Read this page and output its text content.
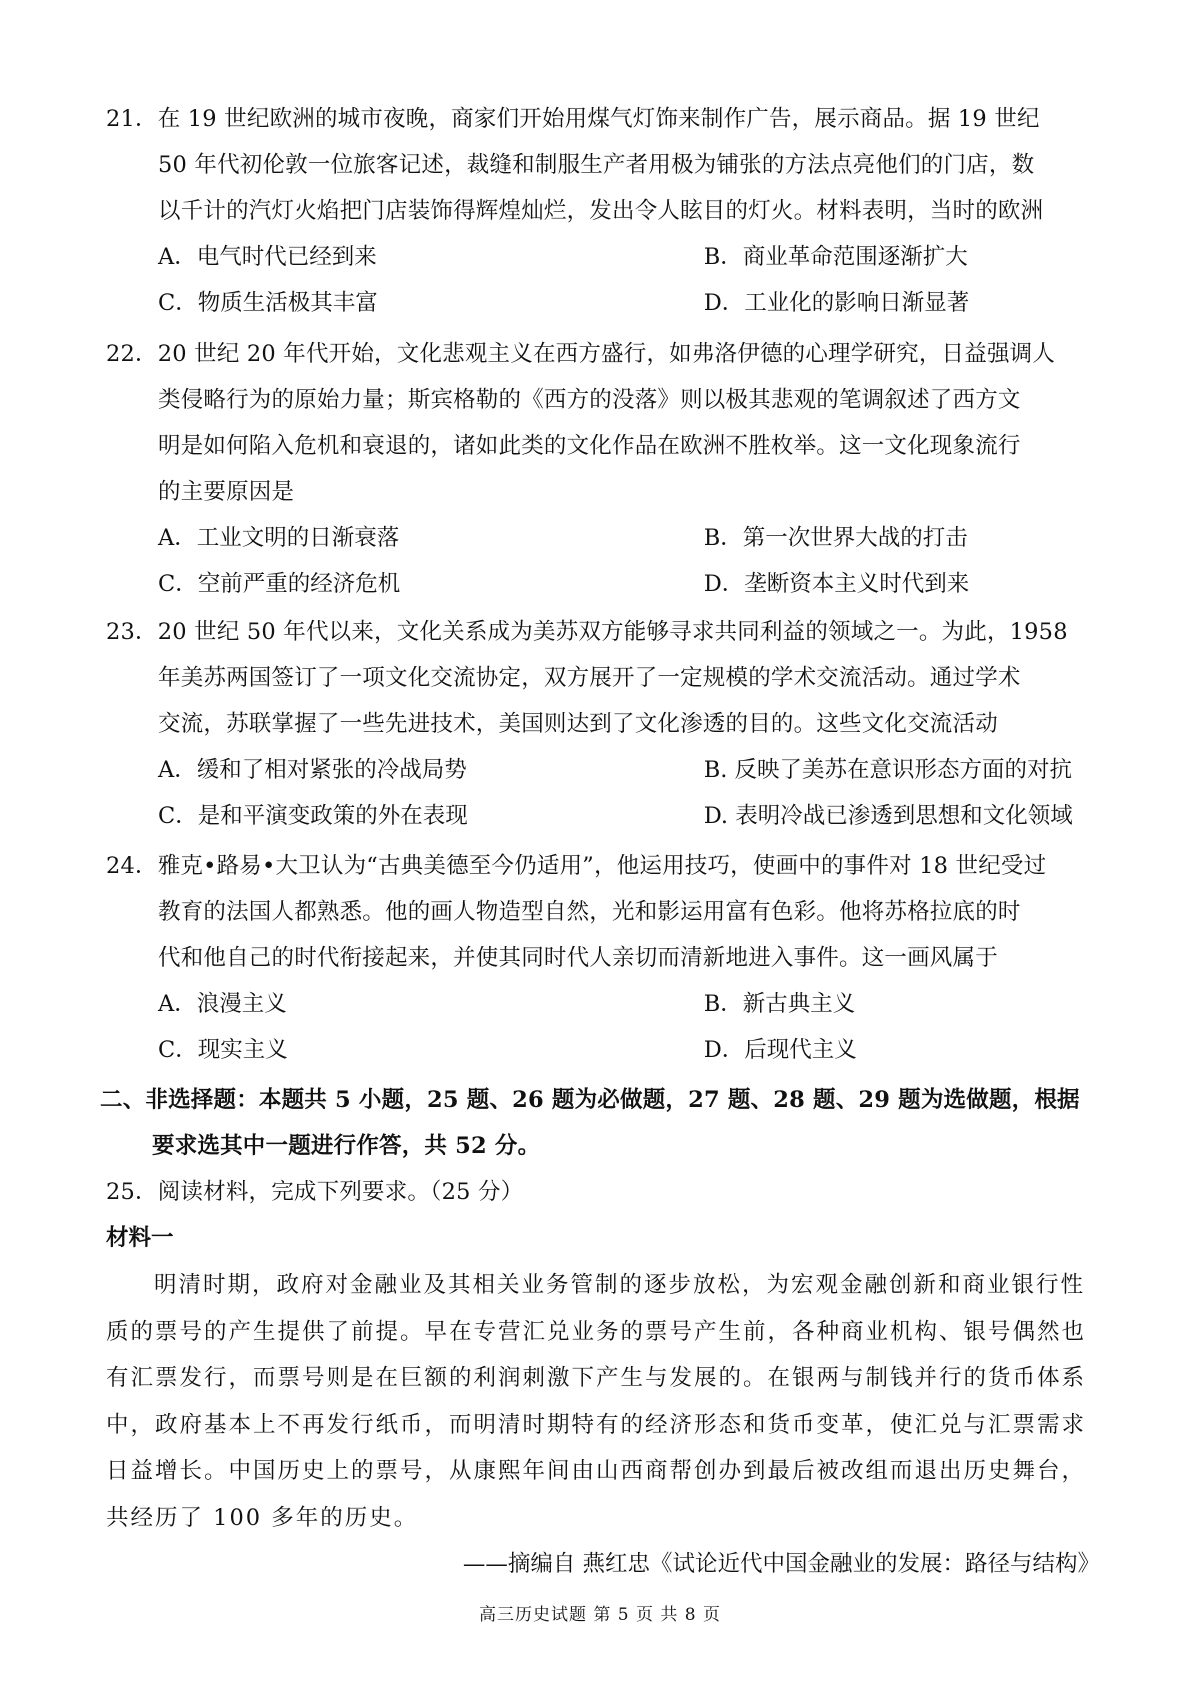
21．在 19 世纪欧洲的城市夜晚，商家们开始用煤气灯饰来制作广告，展示商品。据 19 世纪
50 年代初伦敦一位旅客记述，裁缝和制服生产者用极为铺张的方法点亮他们的门店，数
以千计的汽灯火焰把门店装饰得辉煌灿烂，发出令人眩目的灯火。材料表明，当时的欧洲
A．电气时代已经到来	B．商业革命范围逐渐扩大
C．物质生活极其丰富	D．工业化的影响日渐显著
22．20 世纪 20 年代开始，文化悲观主义在西方盛行，如弗洛伊德的心理学研究，日益强调人
类侵略行为的原始力量；斯宾格勒的《西方的没落》则以极其悲观的笔调叙述了西方文
明是如何陷入危机和衰退的，诸如此类的文化作品在欧洲不胜枚举。这一文化现象流行
的主要原因是
A．工业文明的日渐衰落	B．第一次世界大战的打击
C．空前严重的经济危机	D．垄断资本主义时代到来
23．20 世纪 50 年代以来，文化关系成为美苏双方能够寻求共同利益的领域之一。为此，1958
年美苏两国签订了一项文化交流协定，双方展开了一定规模的学术交流活动。通过学术
交流，苏联掌握了一些先进技术，美国则达到了文化渗透的目的。这些文化交流活动
A．缓和了相对紧张的冷战局势	B. 反映了美苏在意识形态方面的对抗
C．是和平演变政策的外在表现	D. 表明冷战已渗透到思想和文化领域
24．雅克•路易•大卫认为“古典美德至今仍适用”，他运用技巧，使画中的事件对 18 世纪受过
教育的法国人都熟悉。他的画人物造型自然，光和影运用富有色彩。他将苏格拉底的时
代和他自己的时代衔接起来，并使其同时代人亲切而清新地进入事件。这一画风属于
A．浪漫主义	B．新古典主义
C．现实主义	D．后现代主义
二、非选择题：本题共 5 小题，25 题、26 题为必做题，27 题、28 题、29 题为选做题，根据
要求选其中一题进行作答，共 52 分。
25．阅读材料，完成下列要求。（25 分）
材料一
明清时期，政府对金融业及其相关业务管制的逐步放松，为宏观金融创新和商业银行性
质的票号的产生提供了前提。早在专营汇兑业务的票号产生前，各种商业机构、银号偶然也
有汇票发行，而票号则是在巨额的利润刺激下产生与发展的。在银两与制钱并行的货币体系
中，政府基本上不再发行纸币，而明清时期特有的经济形态和货币变革，使汇兑与汇票需求
日益增长。中国历史上的票号，从康熙年间由山西商帮创办到最后被改组而退出历史舞台，
共经历了 100 多年的历史。
——摘编自 燕红忠《试论近代中国金融业的发展：路径与结构》
高三历史试题 第 5 页 共 8 页
